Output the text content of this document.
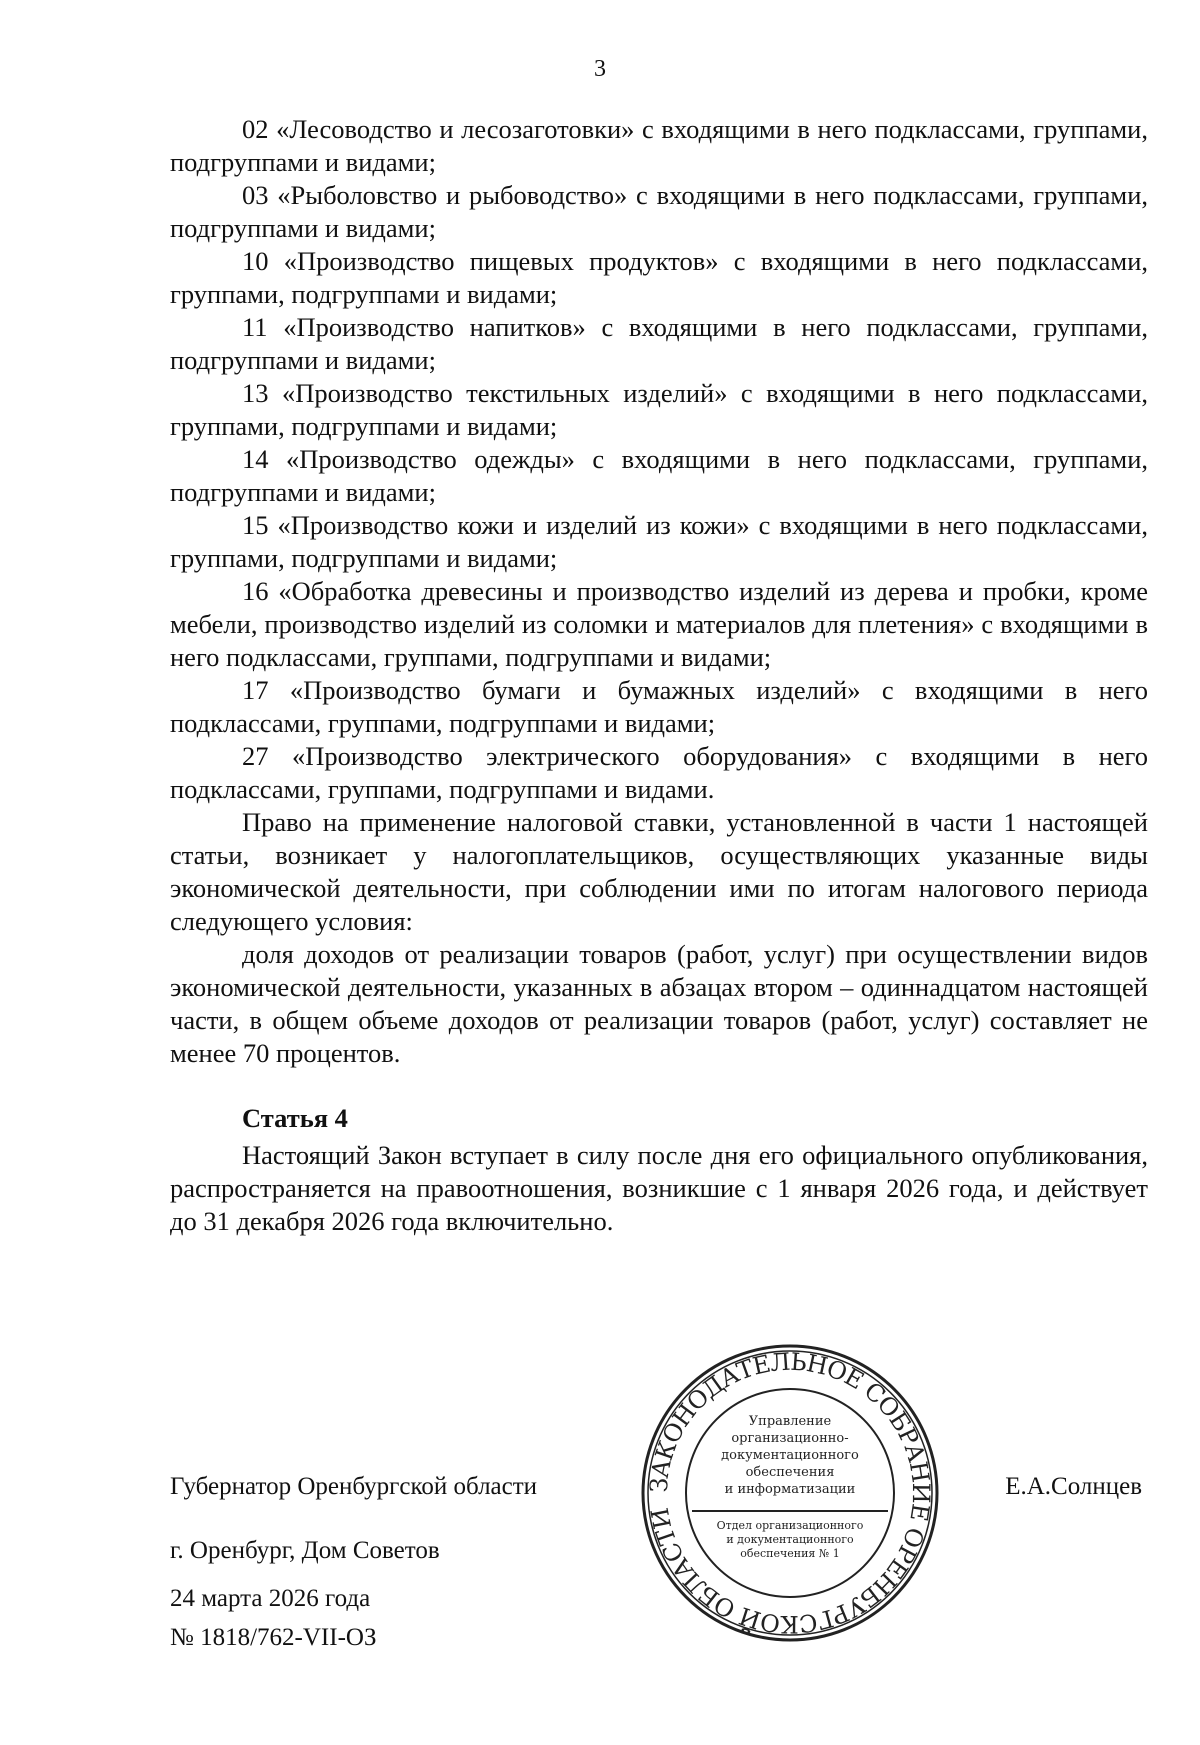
3

02 «Лесоводство и лесозаготовки» с входящими в него подклассами, группами, подгруппами и видами;

03 «Рыболовство и рыбоводство» с входящими в него подклассами, группами, подгруппами и видами;

10 «Производство пищевых продуктов» с входящими в него подклассами, группами, подгруппами и видами;

11 «Производство напитков» с входящими в него подклассами, группами, подгруппами и видами;

13 «Производство текстильных изделий» с входящими в него подклассами, группами, подгруппами и видами;

14 «Производство одежды» с входящими в него подклассами, группами, подгруппами и видами;

15 «Производство кожи и изделий из кожи» с входящими в него подклассами, группами, подгруппами и видами;

16 «Обработка древесины и производство изделий из дерева и пробки, кроме мебели, производство изделий из соломки и материалов для плетения» с входящими в него подклассами, группами, подгруппами и видами;

17 «Производство бумаги и бумажных изделий» с входящими в него подклассами, группами, подгруппами и видами;

27 «Производство электрического оборудования» с входящими в него подклассами, группами, подгруппами и видами.

Право на применение налоговой ставки, установленной в части 1 настоящей статьи, возникает у налогоплательщиков, осуществляющих указанные виды экономической деятельности, при соблюдении ими по итогам налогового периода следующего условия:

доля доходов от реализации товаров (работ, услуг) при осуществлении видов экономической деятельности, указанных в абзацах втором – одиннадцатом настоящей части, в общем объеме доходов от реализации товаров (работ, услуг) составляет не менее 70 процентов.

Статья 4

Настоящий Закон вступает в силу после дня его официального опубликования, распространяется на правоотношения, возникшие с 1 января 2026 года, и действует до 31 декабря 2026 года включительно.

Губернатор Оренбургской области
г. Оренбург, Дом Советов
24 марта 2026 года
№ 1818/762-VII-ОЗ
Е.А.Солнцев
ЗАКОНОДАТЕЛЬНОЕ СОБРАНИЕ ОРЕНБУРГСКОЙ ОБЛАСТИ
Управление
организационно-
документационного
обеспечения
и информатизации
Отдел организационного
и документационного
обеспечения № 1
